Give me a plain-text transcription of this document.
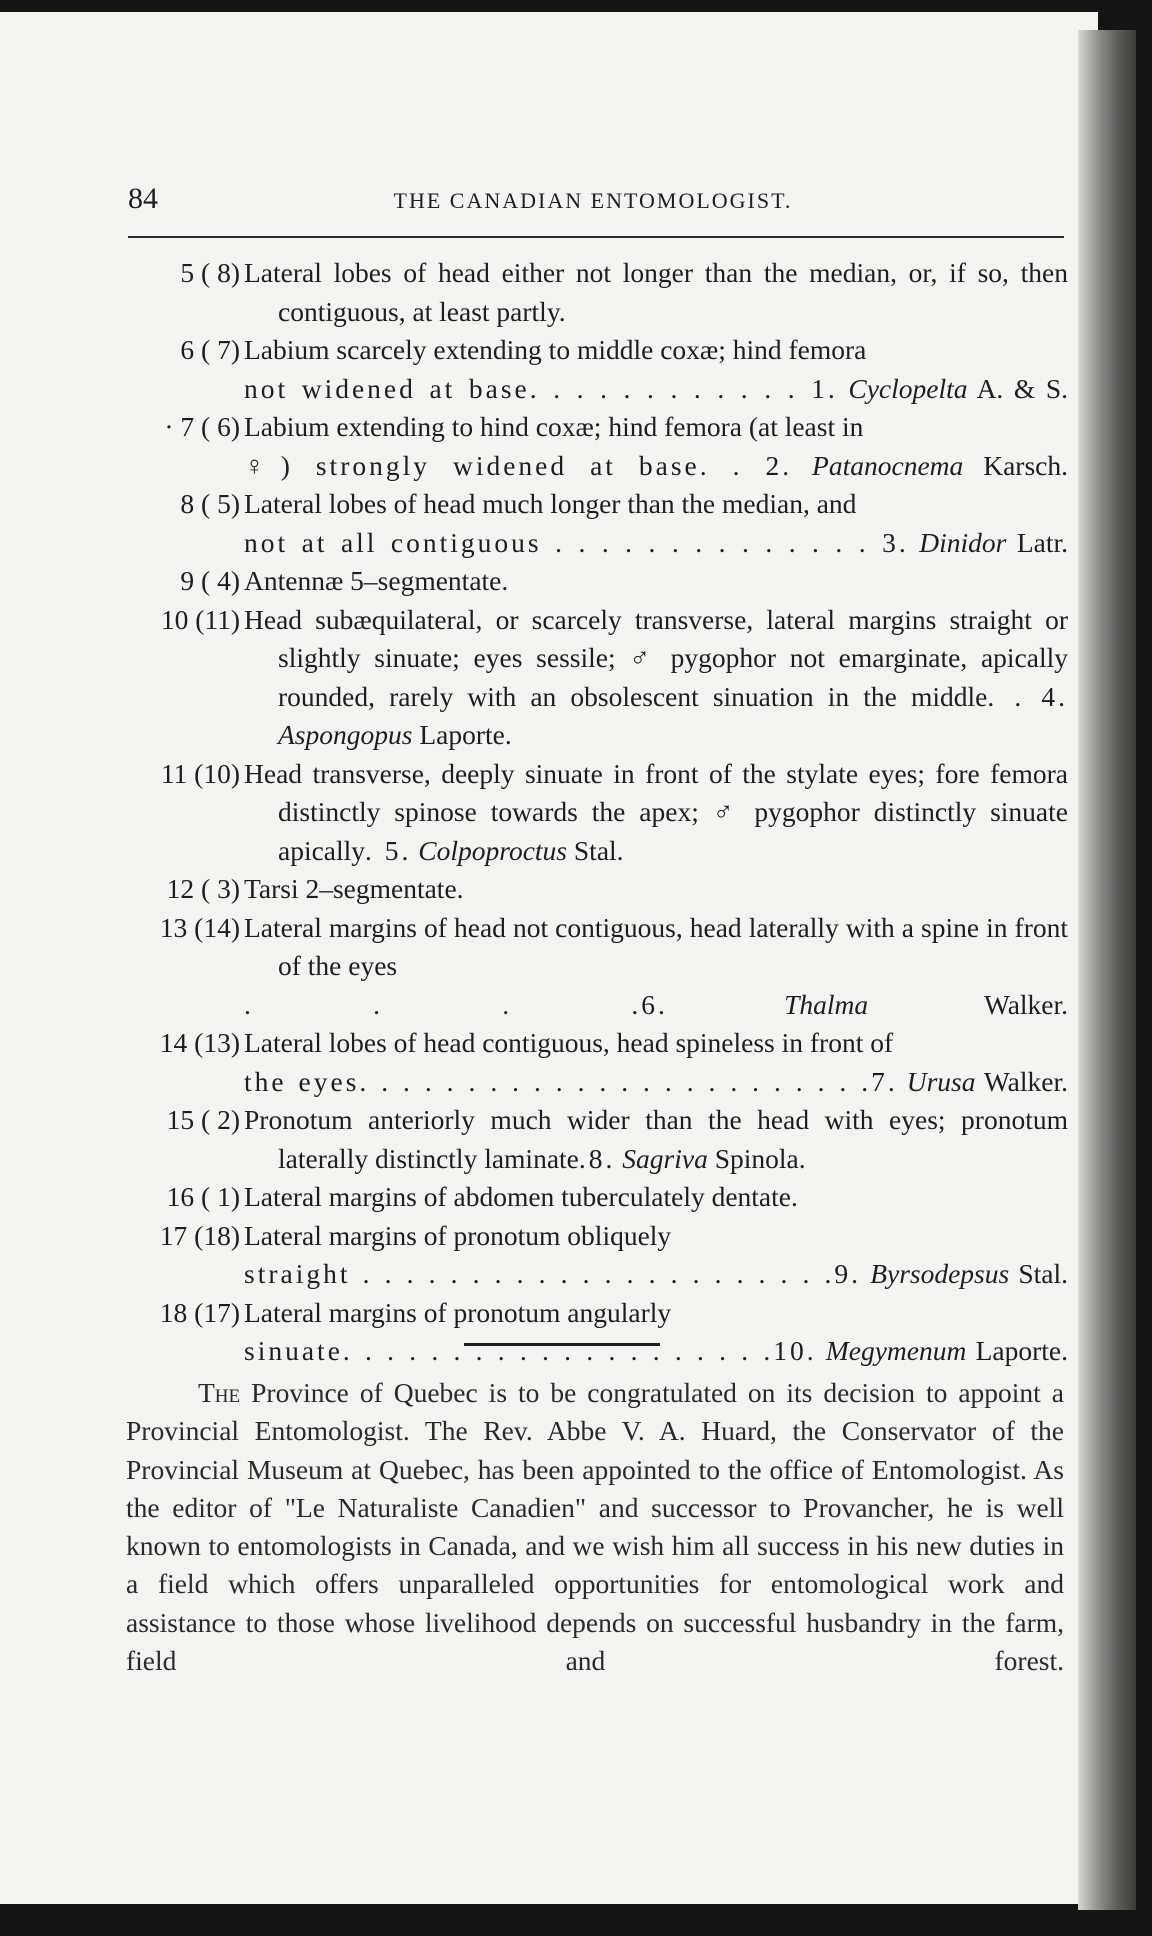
84	THE CANADIAN ENTOMOLOGIST.
5 ( 8) Lateral lobes of head either not longer than the median, or, if so, then contiguous, at least partly.
6 ( 7) Labium scarcely extending to middle coxæ; hind femora
not widened at base. . . . . . . . . . . . 1. Cyclopelta A. & S.
· 7 ( 6) Labium extending to hind coxæ; hind femora (at least in
♀) strongly widened at base. . 2. Patanocnema Karsch.
8 ( 5) Lateral lobes of head much longer than the median, and
not at all contiguous . . . . . . . . . . . . . . 3. Dinidor Latr.
9 ( 4) Antennæ 5–segmentate.
10 (11) Head subæquilateral, or scarcely transverse, lateral margins straight or slightly sinuate; eyes sessile; ♂ pygophor not emarginate, apically rounded, rarely with an obsolescent sinuation in the middle. . 4. Aspongopus Laporte.
11 (10) Head transverse, deeply sinuate in front of the stylate eyes; fore femora distinctly spinose towards the apex; ♂ pygophor distinctly sinuate apically. 5. Colpoproctus Stal.
12 ( 3) Tarsi 2–segmentate.
13 (14) Lateral margins of head not contiguous, head laterally with a spine in front of the eyes
. . . .6.	Thalma	Walker.
14 (13) Lateral lobes of head contiguous, head spineless in front of
the eyes. . . . . . . . . . . . . . . . . . . . . . . .7. Urusa Walker.
15 ( 2) Pronotum anteriorly much wider than the head with eyes; pronotum laterally distinctly laminate.8. Sagriva Spinola.
16 ( 1) Lateral margins of abdomen tuberculately dentate.
17 (18) Lateral margins of pronotum obliquely
straight . . . . . . . . . . . . . . . . . . . . . .9. Byrsodepsus Stal.
18 (17) Lateral margins of pronotum angularly
sinuate. . . . . . . . . . . . . . . . . . . .10. Megymenum Laporte.

The Province of Quebec is to be congratulated on its decision to appoint a Provincial Entomologist. The Rev. Abbe V. A. Huard, the Conservator of the Provincial Museum at Quebec, has been appointed to the office of Entomologist. As the editor of "Le Naturaliste Canadien" and successor to Provancher, he is well known to entomologists in Canada, and we wish him all success in his new duties in a field which offers unparalleled opportunities for entomological work and assistance to those whose livelihood depends on successful husbandry in the farm, field and forest.
